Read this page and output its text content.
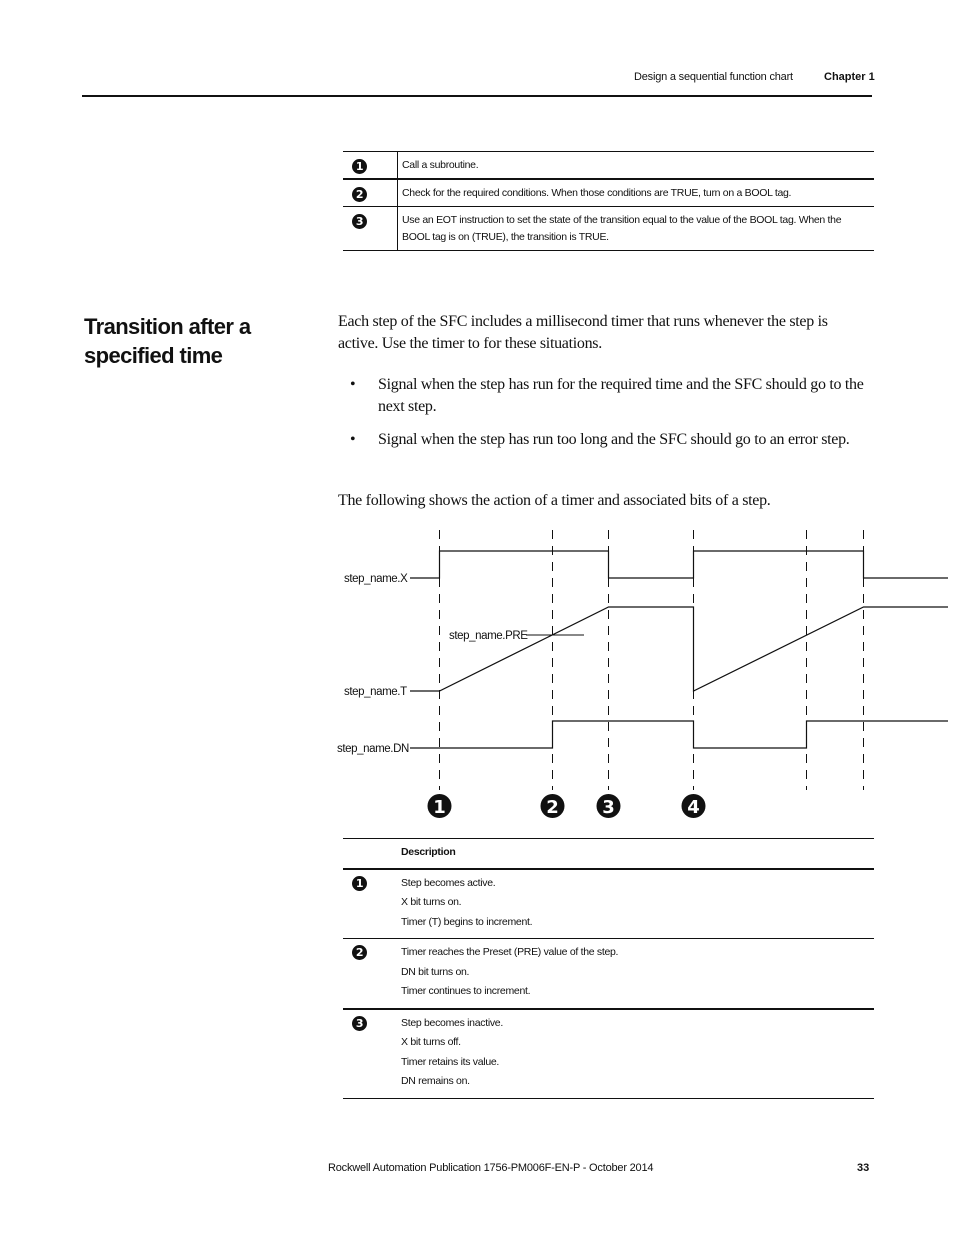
Design a sequential function chart	Chapter 1
1	Call a subroutine.
2	Check for the required conditions. When those conditions are TRUE, turn on a BOOL tag.
3	Use an EOT instruction to set the state of the transition equal to the value of the BOOL tag. When the BOOL tag is on (TRUE), the transition is TRUE.
Transition after a specified time
Each step of the SFC includes a millisecond timer that runs whenever the step is active. Use the timer to for these situations.
• Signal when the step has run for the required time and the SFC should go to the next step.
• Signal when the step has run too long and the SFC should go to an error step.
The following shows the action of a timer and associated bits of a step.
step_name.X
step_name.PRE
step_name.T
step_name.DN
1	2 3	4
	Description
1	Step becomes active.
X bit turns on.
Timer (T) begins to increment.

2	Timer reaches the Preset (PRE) value of the step.
DN bit turns on.
Timer continues to increment.

3	Step becomes inactive.
X bit turns off.
Timer retains its value.
DN remains on.
Rockwell Automation Publication 1756-PM006F-EN-P - October 2014	33
